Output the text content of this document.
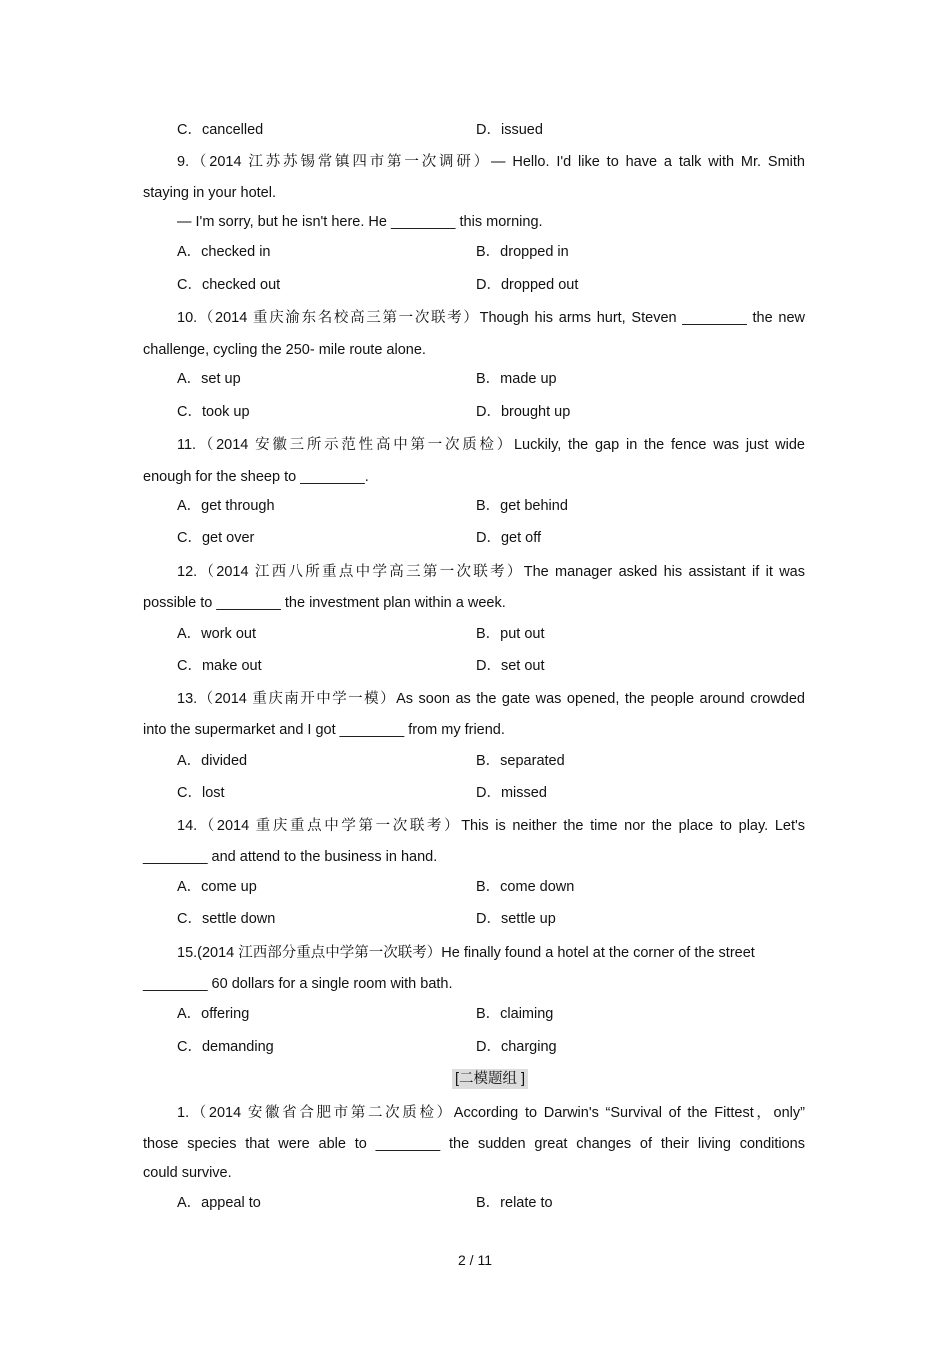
C．cancelled	D．issued
9.（2014 江苏苏锡常镇四市第一次调研）— Hello. I'd like to have a talk with Mr. Smith
staying in your hotel.
— I'm sorry, but he isn't here. He ________ this morning.
A．checked in	B．dropped in
C．checked out	D．dropped out
10.（2014 重庆渝东名校高三第一次联考）Though his arms hurt, Steven ________ the new
challenge, cycling the 250- mile route alone.
A．set up	B．made up
C．took up	D．brought up
11.（2014 安徽三所示范性高中第一次质检）Luckily, the gap in the fence was just wide
enough for the sheep to ________.
A．get through	B．get behind
C．get over	D．get off
12.（2014 江西八所重点中学高三第一次联考）The manager asked his assistant if it was
possible to ________ the investment plan within a week.
A．work out	B．put out
C．make out	D．set out
13.（2014 重庆南开中学一模）As soon as the gate was opened, the people around crowded
into the supermarket and I got ________ from my friend.
A．divided	B．separated
C．lost	D．missed
14.（2014 重庆重点中学第一次联考）This is neither the time nor the place to play. Let's
________ and attend to the business in hand.
A．come up	B．come down
C．settle down	D．settle up
15.(2014 江西部分重点中学第一次联考）He finally found a hotel at the corner of the street
________ 60 dollars for a single room with bath.
A．offering	B．claiming
C．demanding	D．charging
[二模题组 ]
1.（2014 安徽省合肥市第二次质检）According to Darwin's “Survival of the Fittest，only”
those species that were able to ________ the sudden great changes of their living conditions
could survive.
A．appeal to	B．relate to
2 / 11
